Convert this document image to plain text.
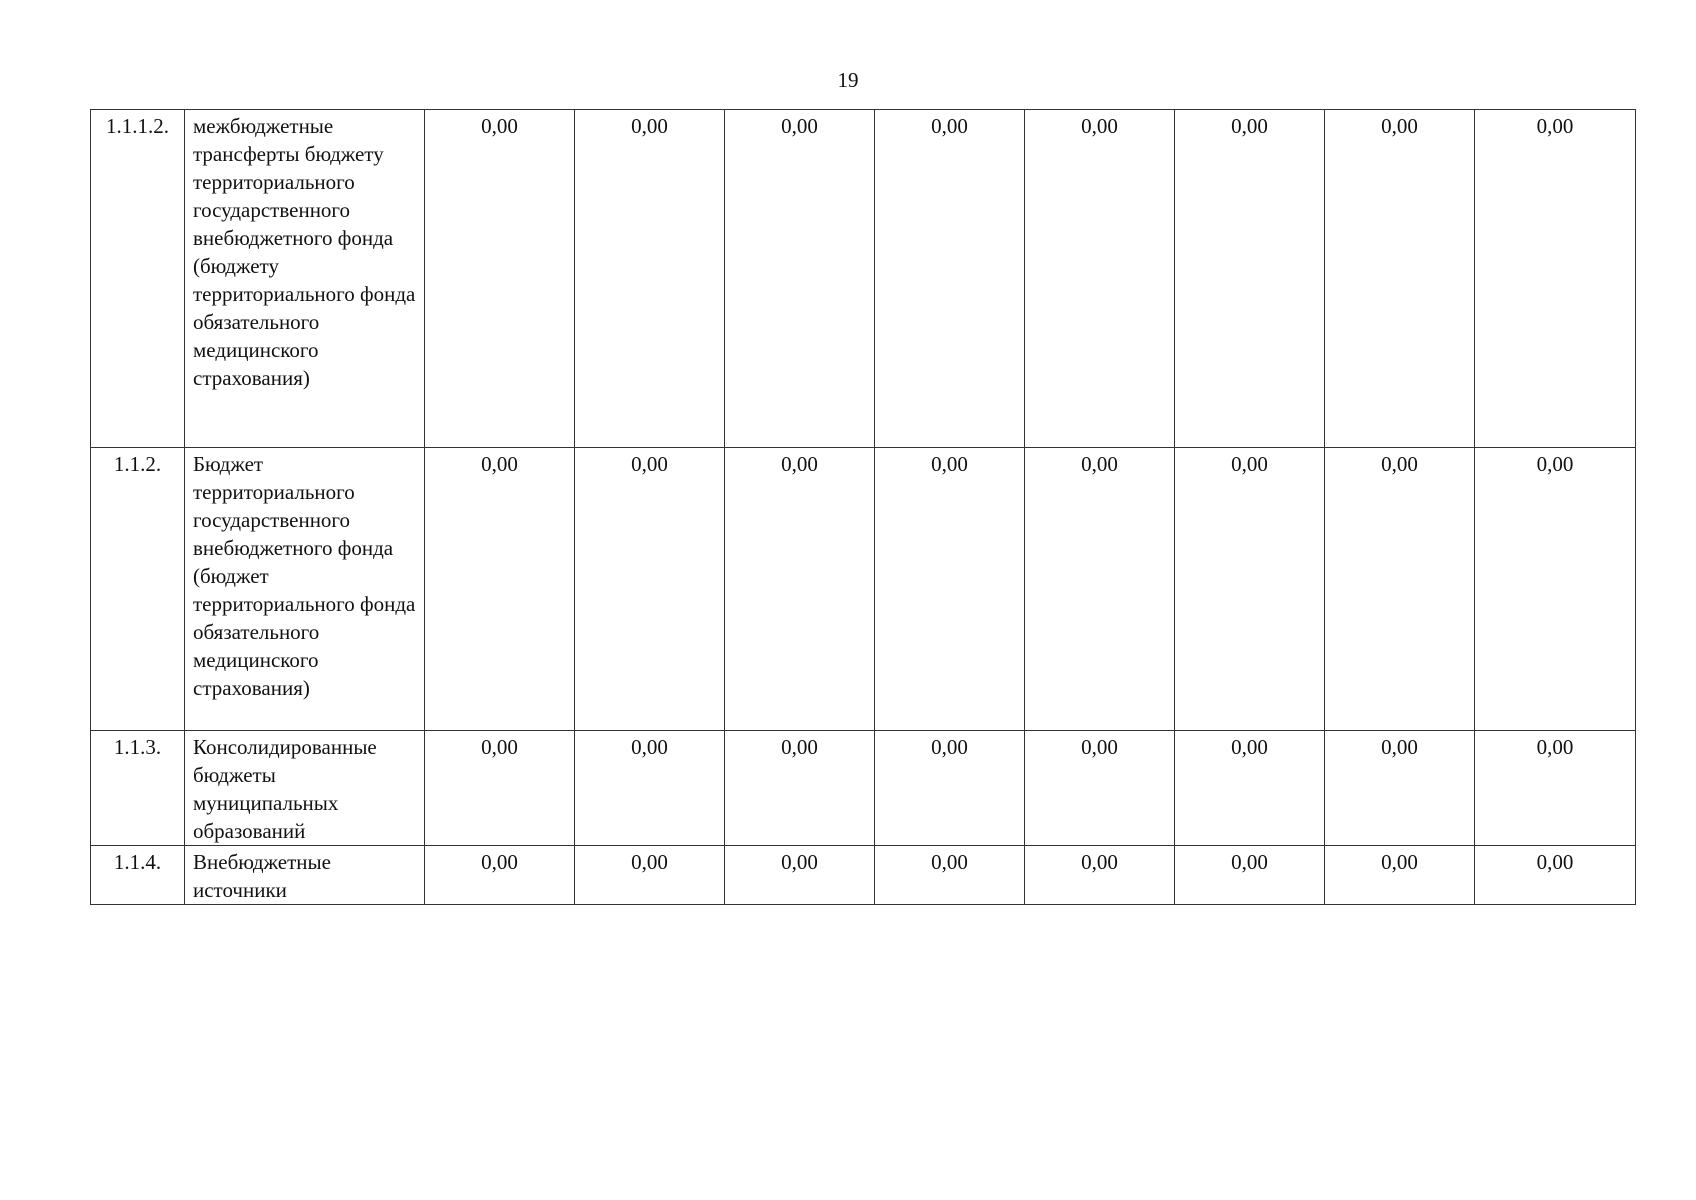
19
1.1.1.2.	межбюджетные трансферты бюджету территориального государственного внебюджетного фонда (бюджету территориального фонда обязательного медицинского страхования)	0,00	0,00	0,00	0,00	0,00	0,00	0,00	0,00
1.1.2.	Бюджет территориального государственного внебюджетного фонда (бюджет территориального фонда обязательного медицинского страхования)	0,00	0,00	0,00	0,00	0,00	0,00	0,00	0,00
1.1.3.	Консолидированные бюджеты муниципальных образований	0,00	0,00	0,00	0,00	0,00	0,00	0,00	0,00
1.1.4.	Внебюджетные источники	0,00	0,00	0,00	0,00	0,00	0,00	0,00	0,00
